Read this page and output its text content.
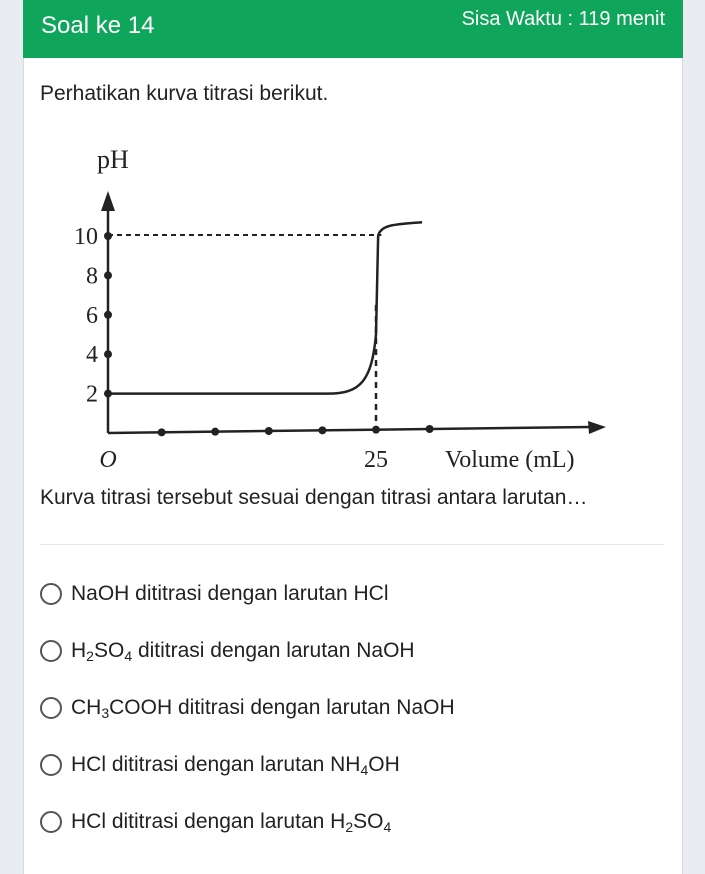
Soal ke 14	Sisa Waktu : 119 menit
Perhatikan kurva titrasi berikut.
pH
Volume (mL)
O	25
10
8
6
4
2
Kurva titrasi tersebut sesuai dengan titrasi antara larutan…
NaOH dititrasi dengan larutan HCl
$H_2SO_4$ dititrasi dengan larutan NaOH
$CH_3COOH$ dititrasi dengan larutan NaOH
HCl dititrasi dengan larutan $NH_4OH$
HCl dititrasi dengan larutan $H_2SO_4$
